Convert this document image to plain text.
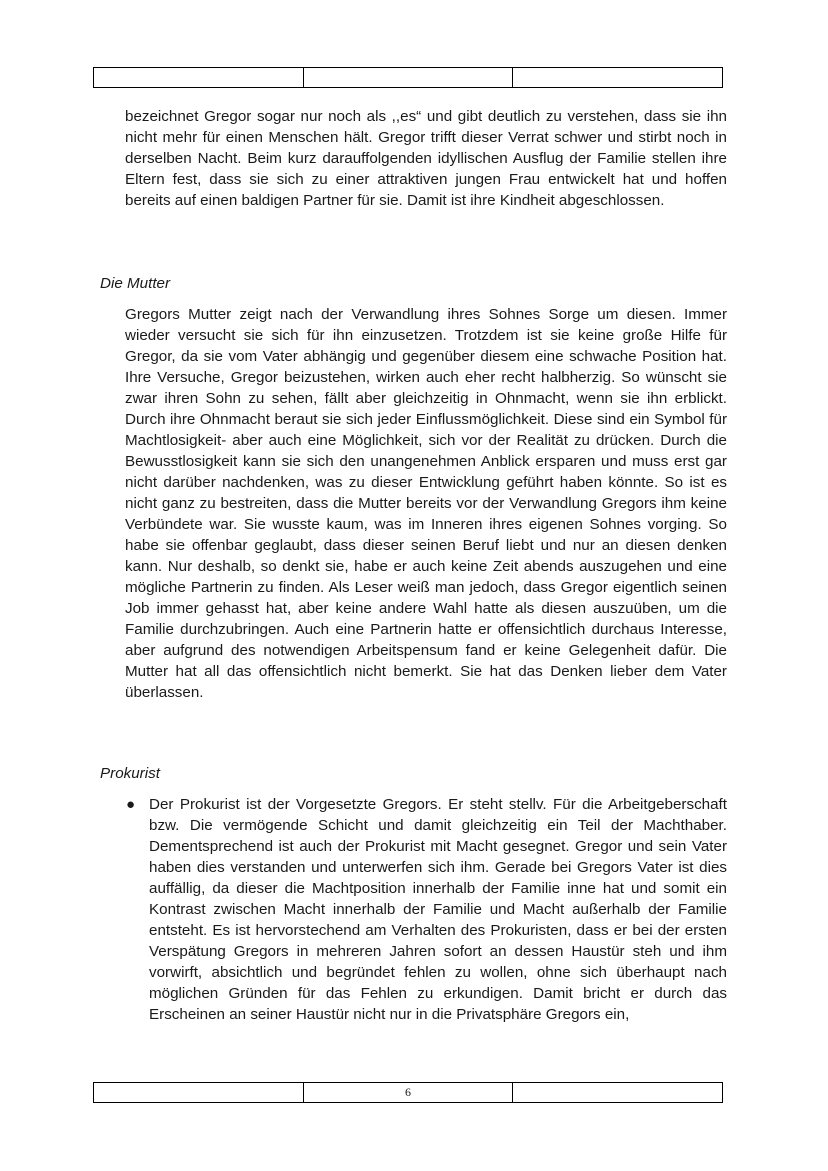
bezeichnet Gregor sogar nur noch als ,,es“ und gibt deutlich zu verstehen, dass sie ihn nicht mehr für einen Menschen hält. Gregor trifft dieser Verrat schwer und stirbt noch in derselben Nacht. Beim kurz darauffolgenden idyllischen Ausflug der Familie stellen ihre Eltern fest, dass sie sich zu einer attraktiven jungen Frau entwickelt hat und hoffen bereits auf einen baldigen Partner für sie. Damit ist ihre Kindheit abgeschlossen.

Die Mutter

Gregors Mutter zeigt nach der Verwandlung ihres Sohnes Sorge um diesen. Immer wieder versucht sie sich für ihn einzusetzen. Trotzdem ist sie keine große Hilfe für Gregor, da sie vom Vater abhängig und gegenüber diesem eine schwache Position hat. Ihre Versuche, Gregor beizustehen, wirken auch eher recht halbherzig. So wünscht sie zwar ihren Sohn zu sehen, fällt aber gleichzeitig in Ohnmacht, wenn sie ihn erblickt. Durch ihre Ohnmacht beraut sie sich jeder Einflussmöglichkeit. Diese sind ein Symbol für Machtlosigkeit- aber auch eine Möglichkeit, sich vor der Realität zu drücken. Durch die Bewusstlosigkeit kann sie sich den unangenehmen Anblick ersparen und muss erst gar nicht darüber nachdenken, was zu dieser Entwicklung geführt haben könnte. So ist es nicht ganz zu bestreiten, dass die Mutter bereits vor der Verwandlung Gregors ihm keine Verbündete war. Sie wusste kaum, was im Inneren ihres eigenen Sohnes vorging. So habe sie offenbar geglaubt, dass dieser seinen Beruf liebt und nur an diesen denken kann. Nur deshalb, so denkt sie, habe er auch keine Zeit abends auszugehen und eine mögliche Partnerin zu finden. Als Leser weiß man jedoch, dass Gregor eigentlich seinen Job immer gehasst hat, aber keine andere Wahl hatte als diesen auszuüben, um die Familie durchzubringen. Auch eine Partnerin hatte er offensichtlich durchaus Interesse, aber aufgrund des notwendigen Arbeitspensum fand er keine Gelegenheit dafür. Die Mutter hat all das offensichtlich nicht bemerkt. Sie hat das Denken lieber dem Vater überlassen.

Prokurist
● Der Prokurist ist der Vorgesetzte Gregors. Er steht stellv. Für die Arbeitgeberschaft bzw. Die vermögende Schicht und damit gleichzeitig ein Teil der Machthaber. Dementsprechend ist auch der Prokurist mit Macht gesegnet. Gregor und sein Vater haben dies verstanden und unterwerfen sich ihm. Gerade bei Gregors Vater ist dies auffällig, da dieser die Machtposition innerhalb der Familie inne hat und somit ein Kontrast zwischen Macht innerhalb der Familie und Macht außerhalb der Familie entsteht. Es ist hervorstechend am Verhalten des Prokuristen, dass er bei der ersten Verspätung Gregors in mehreren Jahren sofort an dessen Haustür steh und ihm vorwirft, absichtlich und begründet fehlen zu wollen, ohne sich überhaupt nach möglichen Gründen für das Fehlen zu erkundigen. Damit bricht er durch das Erscheinen an seiner Haustür nicht nur in die Privatsphäre Gregors ein,
	6	
